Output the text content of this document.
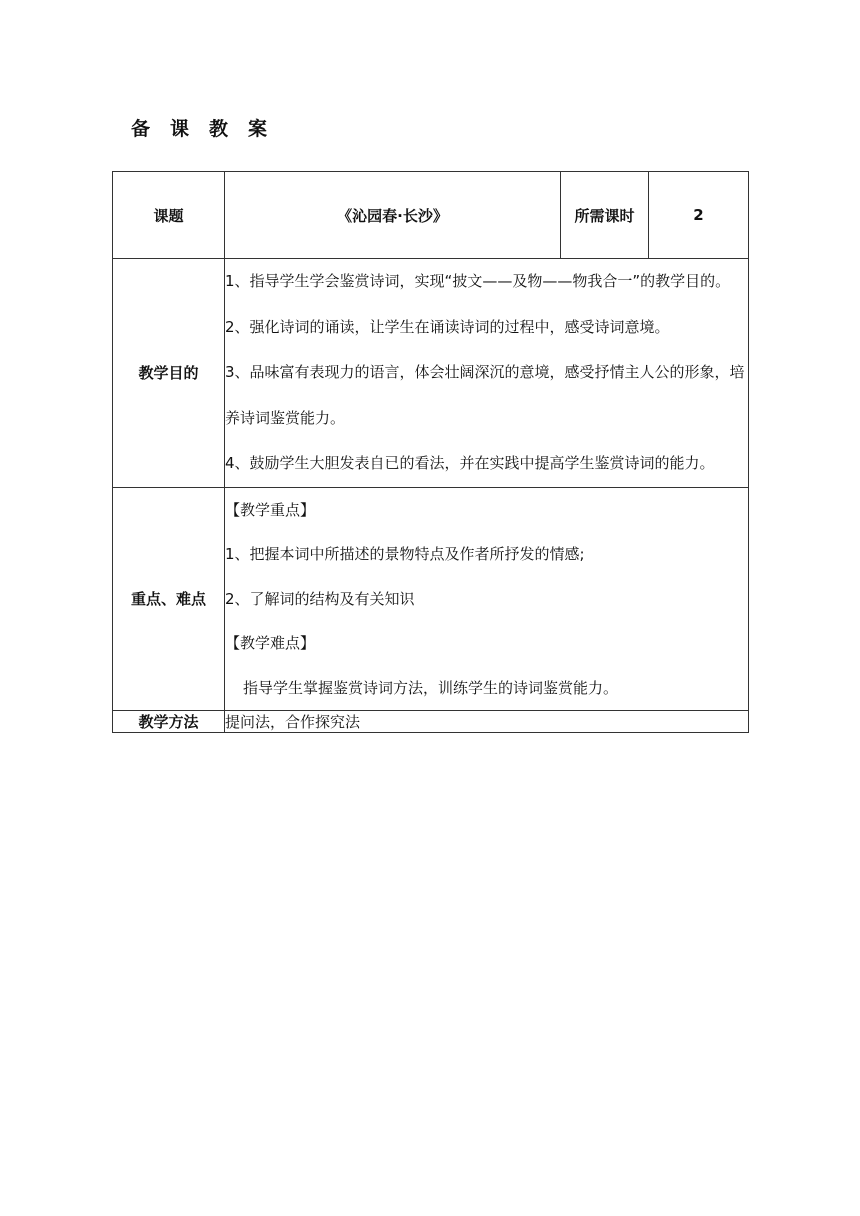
备课教案
课题	《沁园春·长沙》	所需课时	2
教学目的	1、指导学生学会鉴赏诗词，实现“披文——及物——物我合一”的教学目的。

2、强化诗词的诵读，让学生在诵读诗词的过程中，感受诗词意境。

3、品味富有表现力的语言，体会壮阔深沉的意境，感受抒情主人公的形象，培养诗词鉴赏能力。

4、鼓励学生大胆发表自已的看法，并在实践中提高学生鉴赏诗词的能力。		

重点、难点	【教学重点】

1、把握本词中所描述的景物特点及作者所抒发的情感;

2、了解词的结构及有关知识

【教学难点】

指导学生掌握鉴赏诗词方法，训练学生的诗词鉴赏能力。		

教学方法	提问法，合作探究法		
